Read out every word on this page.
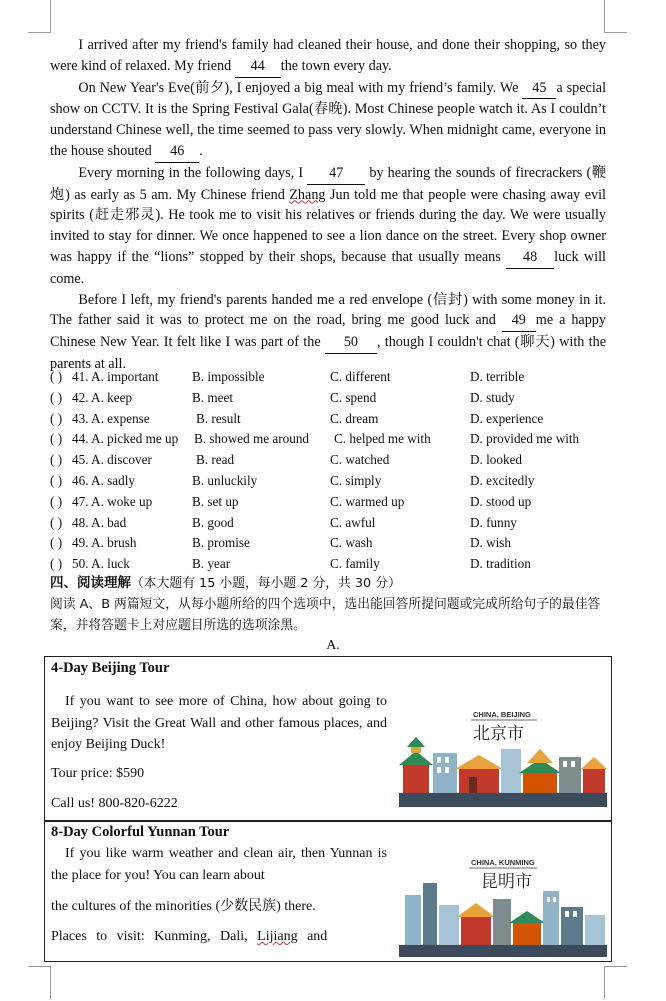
I arrived after my friend's family had cleaned their house, and done their shopping, so they were kind of relaxed. My friend 44 the town every day.

On New Year's Eve(前夕), I enjoyed a big meal with my friend’s family. We 45 a special show on CCTV. It is the Spring Festival Gala(春晚). Most Chinese people watch it. As I couldn’t understand Chinese well, the time seemed to pass very slowly. When midnight came, everyone in the house shouted 46 .

Every morning in the following days, I 47 by hearing the sounds of firecrackers (鞭炮) as early as 5 am. My Chinese friend Zhang Jun told me that people were chasing away evil spirits (赶走邪灵). He took me to visit his relatives or friends during the day. We were usually invited to stay for dinner. We once happened to see a lion dance on the street. Every shop owner was happy if the “lions” stopped by their shops, because that usually means 48 luck will come.

Before I left, my friend's parents handed me a red envelope (信封) with some money in it. The father said it was to protect me on the road, bring me good luck and 49 me a happy Chinese New Year. It felt like I was part of the 50 , though I couldn't chat (聊天) with the parents at all.

( ) 41. A. important	B. impossible	C. different	D. terrible
( ) 42. A. keep	B. meet	C. spend	D. study
( ) 43. A. expense	B. result	C. dream	D. experience
( ) 44. A. picked me up B. showed me around C. helped me with	D. provided me with
( ) 45. A. discover	B. read	C. watched	D. looked
( ) 46. A. sadly	B. unluckily	C. simply	D. excitedly
( ) 47. A. woke up	B. set up	C. warmed up	D. stood up
( ) 48. A. bad	B. good	C. awful	D. funny
( ) 49. A. brush	B. promise	C. wash	D. wish
( ) 50. A. luck	B. year	C. family	D. tradition
四、阅读理解（本大题有 15 小题，每小题 2 分，共 30 分）
阅读 A、B 两篇短文，从每小题所给的四个选项中，选出能回答所提问题或完成所给句子的最佳答案，并将答题卡上对应题目所选的选项涂黑。
A.
4-Day Beijing Tour
If you want to see more of China, how about going to Beijing? Visit the Great Wall and other famous places, and enjoy Beijing Duck!
Tour price: $590
Call us! 800-820-6222
CHINA, BEIJING
北京市
8-Day Colorful Yunnan Tour
If you like warm weather and clean air, then Yunnan is the place for you! You can learn about
the cultures of the minorities (少数民族) there.
Places to visit: Kunming, Dali, Lijiang and
CHINA, KUNMING
昆明市
